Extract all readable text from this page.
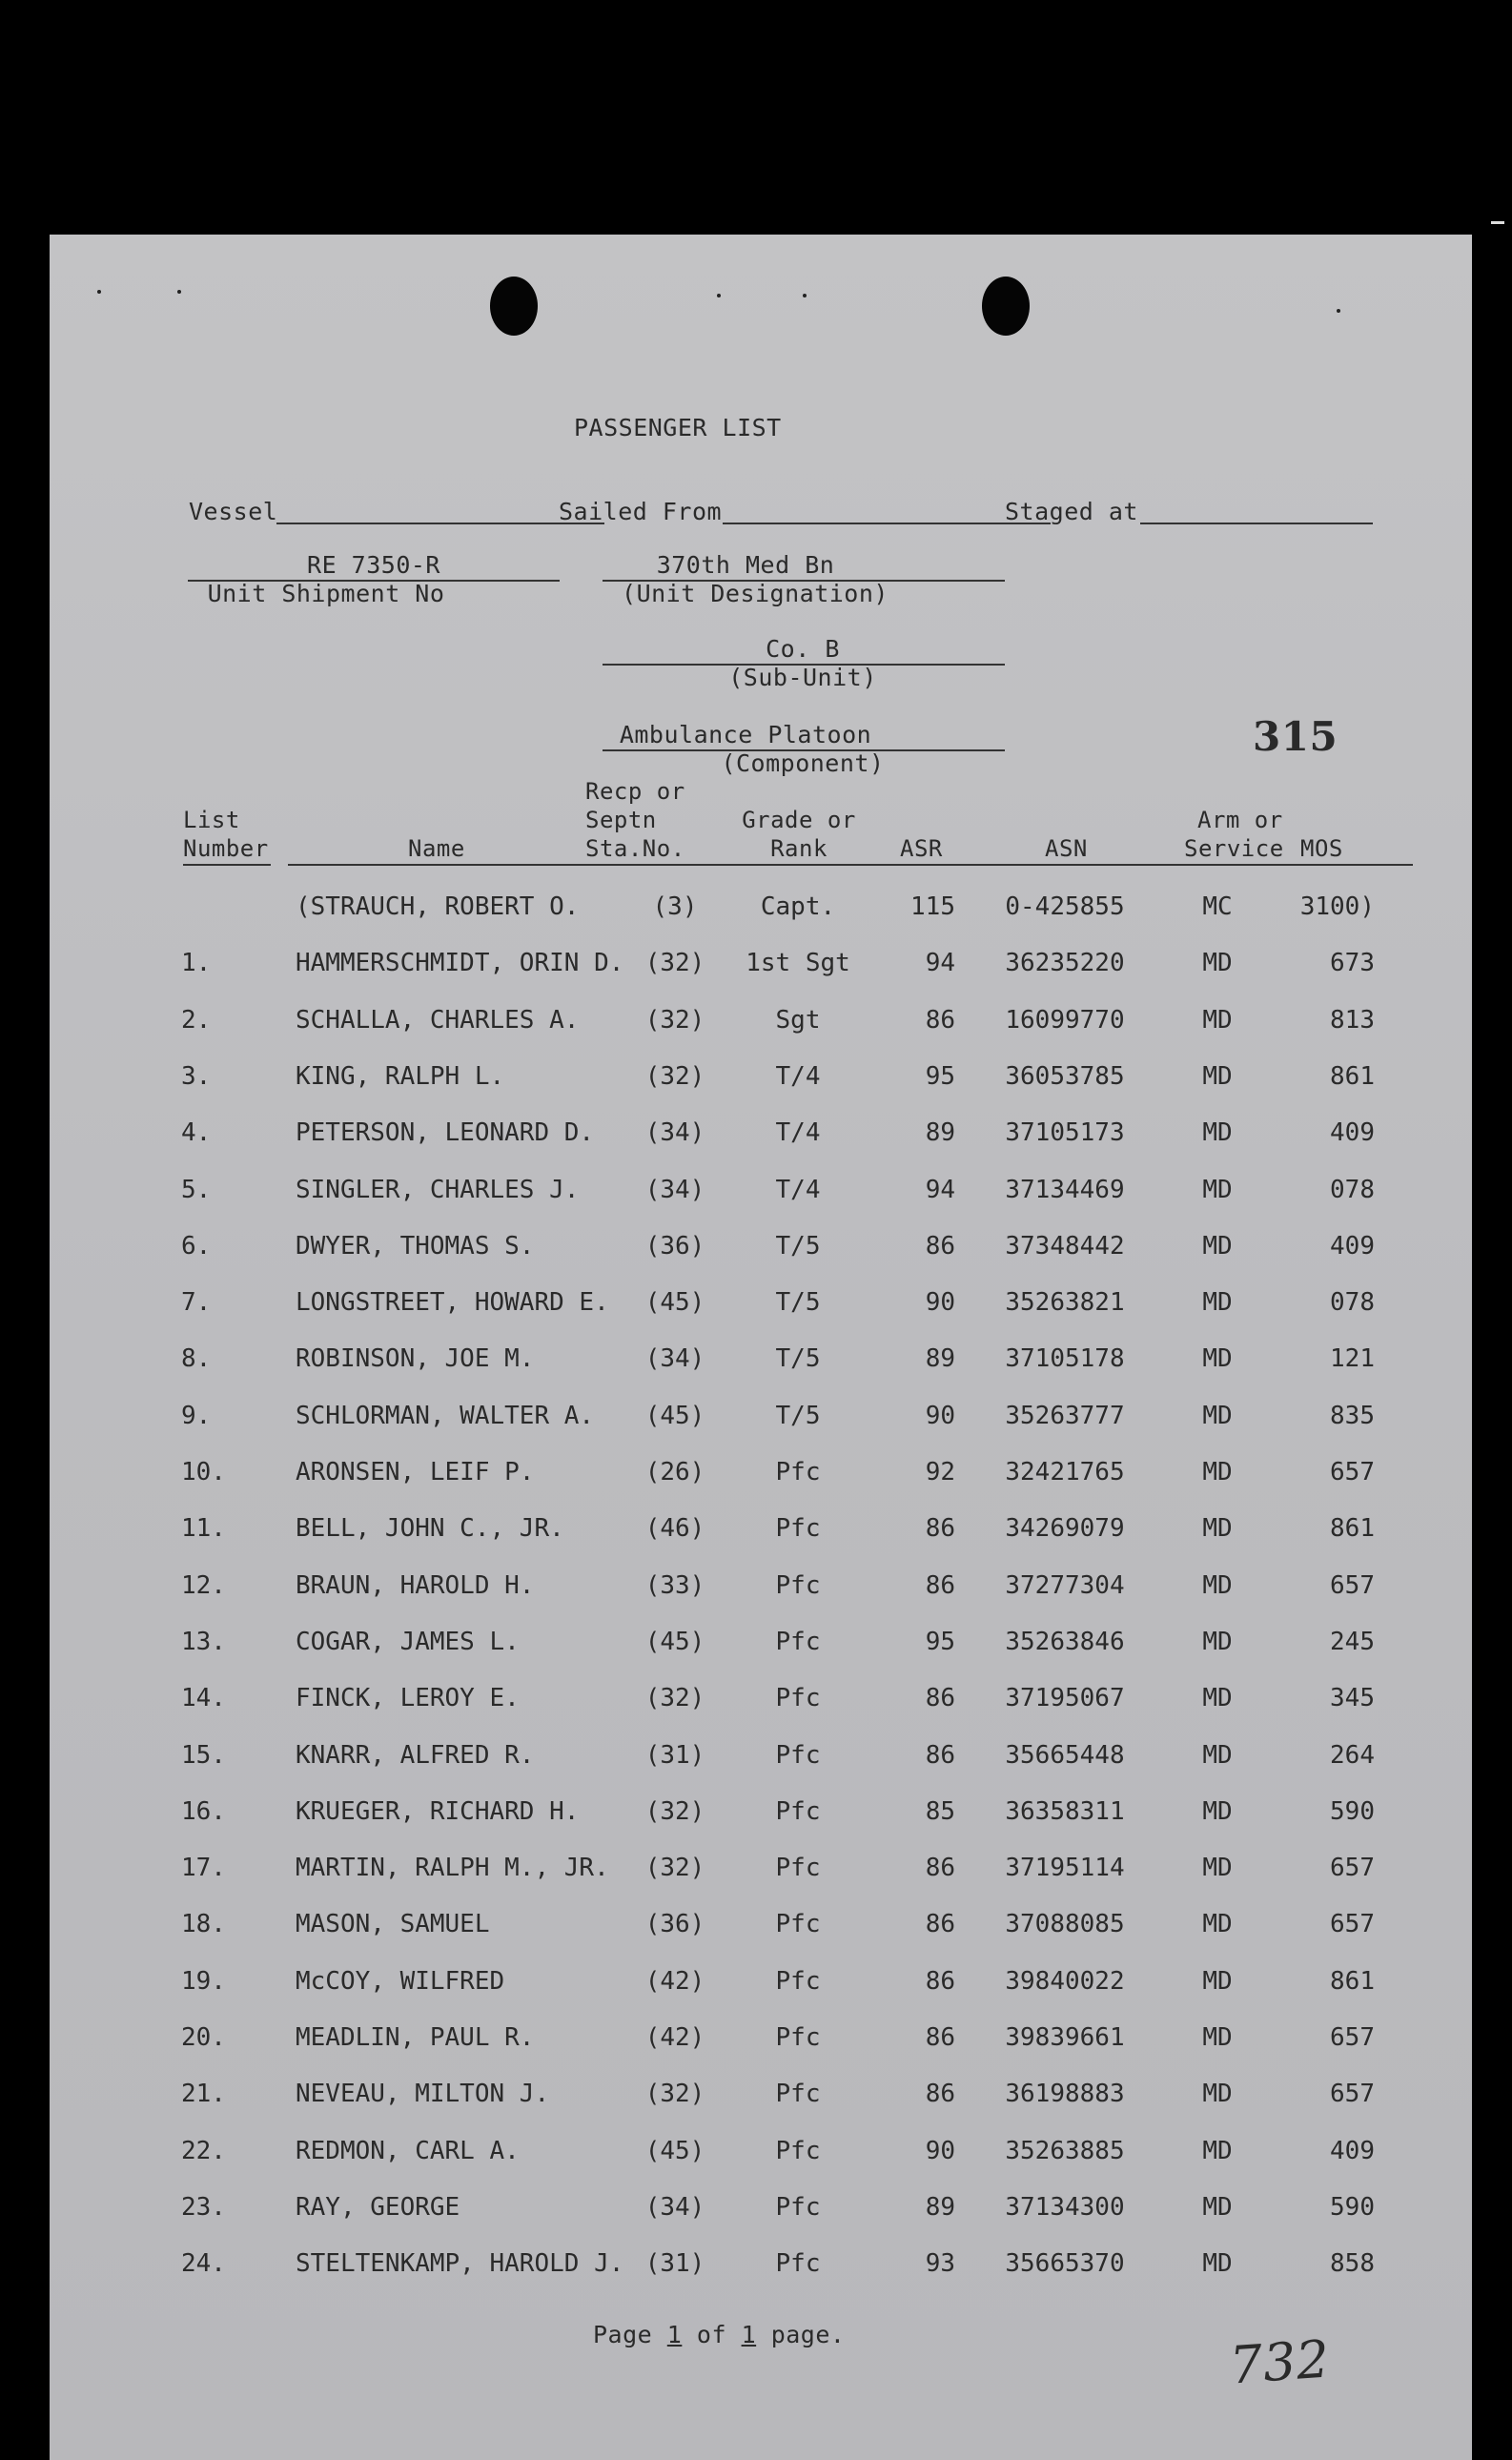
PASSENGER LIST
Vessel	Sailed From	Staged at
RE 7350-R
Unit Shipment No
370th Med Bn
(Unit Designation)
Co. B
(Sub-Unit)
Ambulance Platoon
(Component)
315
List
Number	Name
Recp or
Septn
Sta.No.
Grade or
Rank	ASR	ASN
Arm or
Service MOS
(STRAUCH, ROBERT O.	(3)	Capt.	115	0-425855	MC	3100)
1.	HAMMERSCHMIDT, ORIN D. (32)	1st Sgt	94	36235220	MD	673
2.	SCHALLA, CHARLES A.	(32)	Sgt	86	16099770	MD	813
3.	KING, RALPH L.	(32)	T/4	95	36053785	MD	861
4.	PETERSON, LEONARD D.	(34)	T/4	89	37105173	MD	409
5.	SINGLER, CHARLES J.	(34)	T/4	94	37134469	MD	078
6.	DWYER, THOMAS S.	(36)	T/5	86	37348442	MD	409
7.	LONGSTREET, HOWARD E.	(45)	T/5	90	35263821	MD	078
8.	ROBINSON, JOE M.	(34)	T/5	89	37105178	MD	121
9.	SCHLORMAN, WALTER A.	(45)	T/5	90	35263777	MD	835
10.	ARONSEN, LEIF P.	(26)	Pfc	92	32421765	MD	657
11.	BELL, JOHN C., JR.	(46)	Pfc	86	34269079	MD	861
12.	BRAUN, HAROLD H.	(33)	Pfc	86	37277304	MD	657
13.	COGAR, JAMES L.	(45)	Pfc	95	35263846	MD	245
14.	FINCK, LEROY E.	(32)	Pfc	86	37195067	MD	345
15.	KNARR, ALFRED R.	(31)	Pfc	86	35665448	MD	264
16.	KRUEGER, RICHARD H.	(32)	Pfc	85	36358311	MD	590
17.	MARTIN, RALPH M., JR.	(32)	Pfc	86	37195114	MD	657
18.	MASON, SAMUEL	(36)	Pfc	86	37088085	MD	657
19.	McCOY, WILFRED	(42)	Pfc	86	39840022	MD	861
20.	MEADLIN, PAUL R.	(42)	Pfc	86	39839661	MD	657
21.	NEVEAU, MILTON J.	(32)	Pfc	86	36198883	MD	657
22.	REDMON, CARL A.	(45)	Pfc	90	35263885	MD	409
23.	RAY, GEORGE	(34)	Pfc	89	37134300	MD	590
24.	STELTENKAMP, HAROLD J. (31)	Pfc	93	35665370	MD	858
Page 1 of 1 page.	732
